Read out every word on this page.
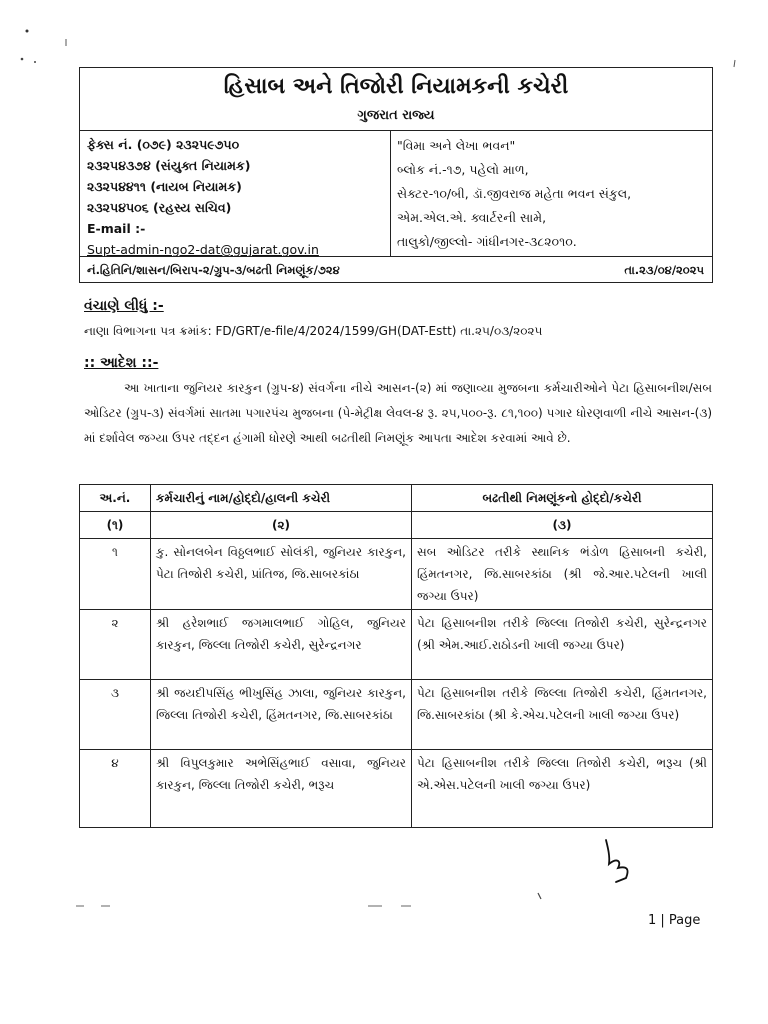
હિસાબ અને તિજોરી નિયામકની કચેરી
ગુજરાત રાજ્ય
ફેક્સ નં. (૦૭૯) ૨૩૨૫૯૭૫૦
૨૩૨૫૪૩૭૪ (સંયુક્ત નિયામક)
૨૩૨૫૪૪૧૧ (નાયબ નિયામક)
૨૩૨૫૪૫૦૬ (રહસ્ય સચિવ)
E-mail :-
Supt-admin-ngo2-dat@gujarat.gov.in
"વિમા અને લેખા ભવન"
બ્લોક નં.-૧૭, પહેલો માળ,
સેક્ટર-૧૦/બી, ડૉ.જીવરાજ મહેતા ભવન સંકુલ,
એમ.એલ.એ. ક્વાર્ટરની સામે,
તાલુકો/જીલ્લો- ગાંધીનગર-૩૮૨૦૧૦.
નં.હિતિનિ/શાસન/બિરાપ-૨/ગ્રુપ-૩/બઢતી નિમણૂંક/૭૨૪	તા.૨૩/૦૪/૨૦૨૫
વંચાણે લીધું :-
નાણા વિભાગના પત્ર ક્રમાંક: FD/GRT/e-file/4/2024/1599/GH(DAT-Estt) તા.૨૫/૦૩/૨૦૨૫
:: આદેશ ::-
આ ખાતાના જુનિયર કારકુન (ગ્રુપ-૪) સંવર્ગના નીચે આસન-(૨) માં જણાવ્યા મુજબના કર્મચારીઓને પેટા હિસાબનીશ/સબ ઓડિટર (ગ્રુપ-૩) સંવર્ગમાં સાતમા પગારપંચ મુજબના (પે-મેટ્રીક્ષ લેવલ-૪ રૂ. ૨૫,૫૦૦-રૂ. ૮૧,૧૦૦) પગાર ધોરણવાળી નીચે આસન-(૩) માં દર્શાવેલ જગ્યા ઉપર તદ્દન હંગામી ધોરણે આથી બઢતીથી નિમણૂંક આપતા આદેશ કરવામાં આવે છે.
અ.નં.	કર્મચારીનું નામ/હોદ્દો/હાલની કચેરી	બઢતીથી નિમણૂંકનો હોદ્દો/કચેરી
(૧)	(૨)	(૩)
૧	કુ. સોનલબેન વિઠ્ઠલભાઈ સોલંકી, જુનિયર કારકુન, પેટા તિજોરી કચેરી, પ્રાંતિજ, જિ.સાબરકાંઠા	સબ ઓડિટર તરીકે સ્થાનિક ભંડોળ હિસાબની કચેરી, હિંમતનગર, જિ.સાબરકાંઠા (શ્રી જે.આર.પટેલની ખાલી જગ્યા ઉપર)
૨	શ્રી હરેશભાઈ જગમાલભાઈ ગોહિલ, જુનિયર કારકુન, જિલ્લા તિજોરી કચેરી, સુરેન્દ્રનગર	પેટા હિસાબનીશ તરીકે જિલ્લા તિજોરી કચેરી, સુરેન્દ્રનગર (શ્રી એમ.આઈ.રાઠોડની ખાલી જગ્યા ઉપર)
૩	શ્રી જયદીપસિંહ ભીખુસિંહ ઝાલા, જુનિયર કારકુન, જિલ્લા તિજોરી કચેરી, હિંમતનગર, જિ.સાબરકાંઠા	પેટા હિસાબનીશ તરીકે જિલ્લા તિજોરી કચેરી, હિંમતનગર, જિ.સાબરકાંઠા (શ્રી કે.એચ.પટેલની ખાલી જગ્યા ઉપર)
૪	શ્રી વિપુલકુમાર અભેસિંહભાઈ વસાવા, જુનિયર કારકુન, જિલ્લા તિજોરી કચેરી, ભરૂચ	પેટા હિસાબનીશ તરીકે જિલ્લા તિજોરી કચેરી, ભરૂચ (શ્રી એ.એસ.પટેલની ખાલી જગ્યા ઉપર)
1 | Page
